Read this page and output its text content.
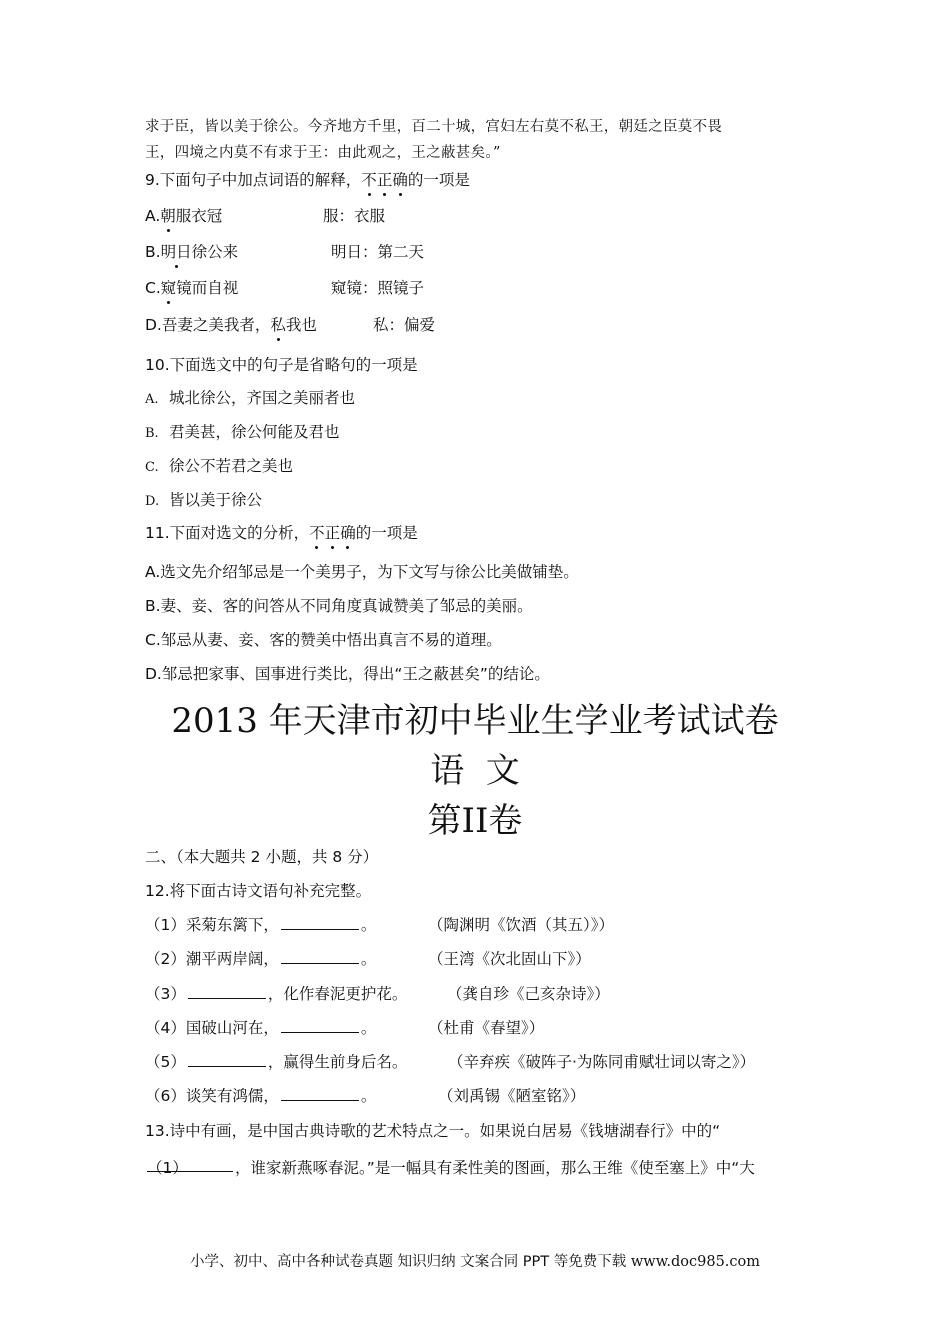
求于臣，皆以美于徐公。今齐地方千里，百二十城，宫妇左右莫不私王，朝廷之臣莫不畏
王，四境之内莫不有求于王：由此观之，王之蔽甚矣。”
9.下面句子中加点词语的解释，不正确的一项是
A.朝服衣冠	服：衣服
B.明日徐公来	明日：第二天
C.窥镜而自视	窥镜：照镜子
D.吾妻之美我者，私我也	私：偏爱
10.下面选文中的句子是省略句的一项是
A. 城北徐公，齐国之美丽者也
B. 君美甚，徐公何能及君也
C. 徐公不若君之美也
D. 皆以美于徐公
11.下面对选文的分析，不正确的一项是
A.选文先介绍邹忌是一个美男子，为下文写与徐公比美做铺垫。
B.妻、妾、客的问答从不同角度真诚赞美了邹忌的美丽。
C.邹忌从妻、妾、客的赞美中悟出真言不易的道理。
D.邹忌把家事、国事进行类比，得出“王之蔽甚矣”的结论。
2013 年天津市初中毕业生学业考试试卷
语  文
第II卷
二、（本大题共 2 小题，共 8 分）
12.将下面古诗文语句补充完整。
（1）采菊东篱下，	。	（陶渊明《饮酒（其五）》）
（2）潮平两岸阔，	。	（王湾《次北固山下》）
（3）	，化作春泥更护花。	（龚自珍《己亥杂诗》）
（4）国破山河在，	。	（杜甫《春望》）
（5）	，赢得生前身后名。	（辛弃疾《破阵子·为陈同甫赋壮词以寄之》）
（6）谈笑有鸿儒，	。	（刘禹锡《陋室铭》）
13.诗中有画，是中国古典诗歌的艺术特点之一。如果说白居易《钱塘湖春行》中的“
（1）	，谁家新燕啄春泥。”是一幅具有柔性美的图画，那么王维《使至塞上》中“大
小学、初中、高中各种试卷真题 知识归纳 文案合同 PPT 等免费下载 www.doc985.com
